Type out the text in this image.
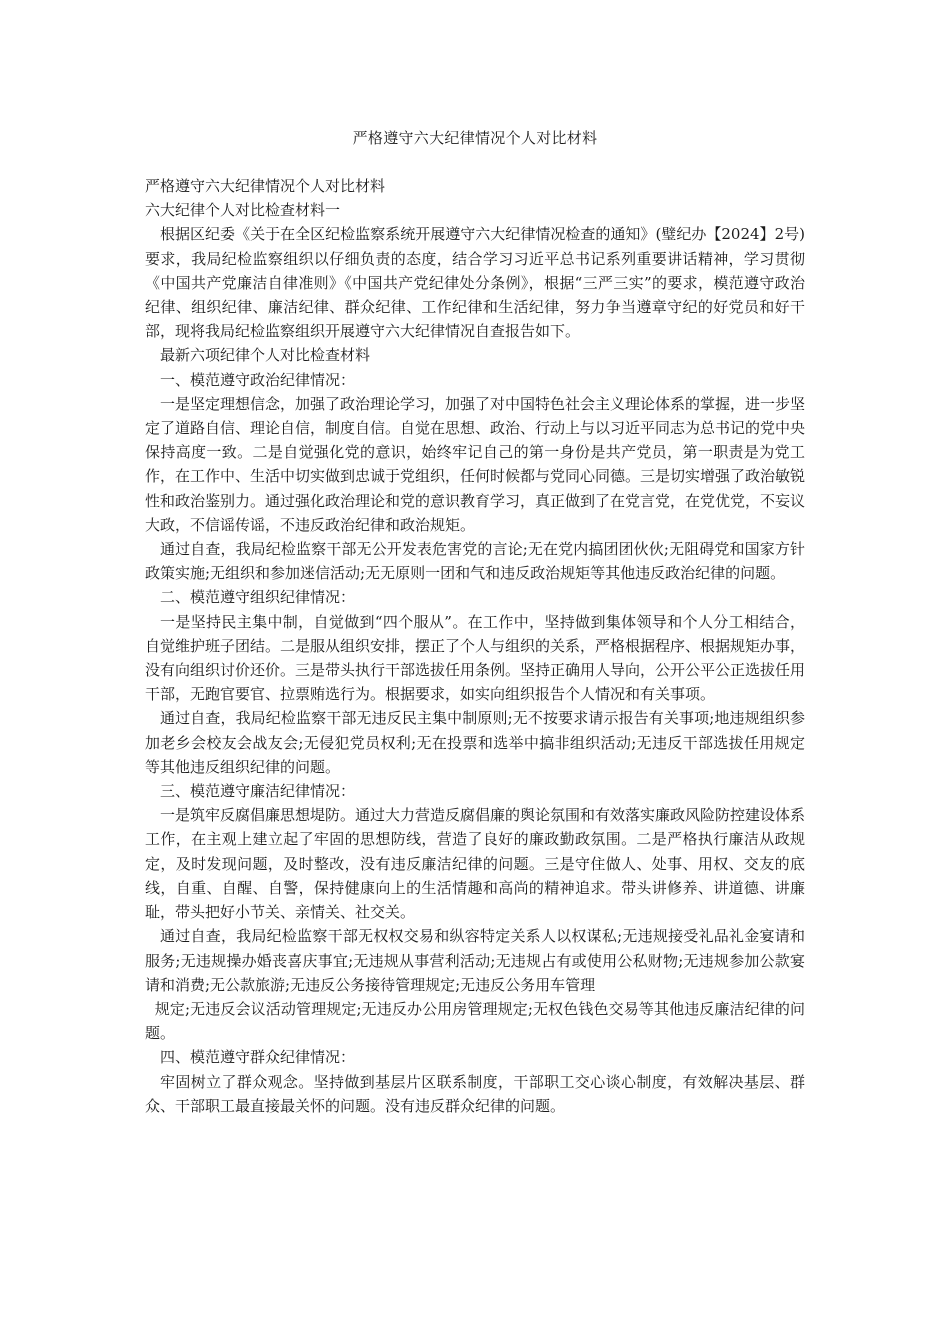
严格遵守六大纪律情况个人对比材料

严格遵守六大纪律情况个人对比材料

六大纪律个人对比检查材料一

根据区纪委《关于在全区纪检监察系统开展遵守六大纪律情况检查的通知》(璧纪办【2024】2号)要求，我局纪检监察组织以仔细负责的态度，结合学习习近平总书记系列重要讲话精神，学习贯彻《中国共产党廉洁自律准则》《中国共产党纪律处分条例》，根据“三严三实”的要求，模范遵守政治纪律、组织纪律、廉洁纪律、群众纪律、工作纪律和生活纪律，努力争当遵章守纪的好党员和好干部，现将我局纪检监察组织开展遵守六大纪律情况自查报告如下。

最新六项纪律个人对比检查材料

一、模范遵守政治纪律情况：

一是坚定理想信念，加强了政治理论学习，加强了对中国特色社会主义理论体系的掌握，进一步坚定了道路自信、理论自信，制度自信。自觉在思想、政治、行动上与以习近平同志为总书记的党中央保持高度一致。二是自觉强化党的意识，始终牢记自己的第一身份是共产党员，第一职责是为党工作，在工作中、生活中切实做到忠诚于党组织，任何时候都与党同心同德。三是切实增强了政治敏锐性和政治鉴别力。通过强化政治理论和党的意识教育学习，真正做到了在党言党，在党优党，不妄议大政，不信谣传谣，不违反政治纪律和政治规矩。

通过自查，我局纪检监察干部无公开发表危害党的言论;无在党内搞团团伙伙;无阻碍党和国家方针政策实施;无组织和参加迷信活动;无无原则一团和气和违反政治规矩等其他违反政治纪律的问题。

二、模范遵守组织纪律情况：

一是坚持民主集中制，自觉做到“四个服从”。在工作中，坚持做到集体领导和个人分工相结合，自觉维护班子团结。二是服从组织安排，摆正了个人与组织的关系，严格根据程序、根据规矩办事，没有向组织讨价还价。三是带头执行干部选拔任用条例。坚持正确用人导向，公开公平公正选拔任用干部，无跑官要官、拉票贿选行为。根据要求，如实向组织报告个人情况和有关事项。

通过自查，我局纪检监察干部无违反民主集中制原则;无不按要求请示报告有关事项;地违规组织参加老乡会校友会战友会;无侵犯党员权利;无在投票和选举中搞非组织活动;无违反干部选拔任用规定等其他违反组织纪律的问题。

三、模范遵守廉洁纪律情况：

一是筑牢反腐倡廉思想堤防。通过大力营造反腐倡廉的舆论氛围和有效落实廉政风险防控建设体系工作，在主观上建立起了牢固的思想防线，营造了良好的廉政勤政氛围。二是严格执行廉洁从政规定，及时发现问题，及时整改，没有违反廉洁纪律的问题。三是守住做人、处事、用权、交友的底线，自重、自醒、自警，保持健康向上的生活情趣和高尚的精神追求。带头讲修养、讲道德、讲廉耻，带头把好小节关、亲情关、社交关。

通过自查，我局纪检监察干部无权权交易和纵容特定关系人以权谋私;无违规接受礼品礼金宴请和服务;无违规操办婚丧喜庆事宜;无违规从事营利活动;无违规占有或使用公私财物;无违规参加公款宴请和消费;无公款旅游;无违反公务接待管理规定;无违反公务用车管理

规定;无违反会议活动管理规定;无违反办公用房管理规定;无权色钱色交易等其他违反廉洁纪律的问题。

四、模范遵守群众纪律情况：

牢固树立了群众观念。坚持做到基层片区联系制度，干部职工交心谈心制度，有效解决基层、群众、干部职工最直接最关怀的问题。没有违反群众纪律的问题。
